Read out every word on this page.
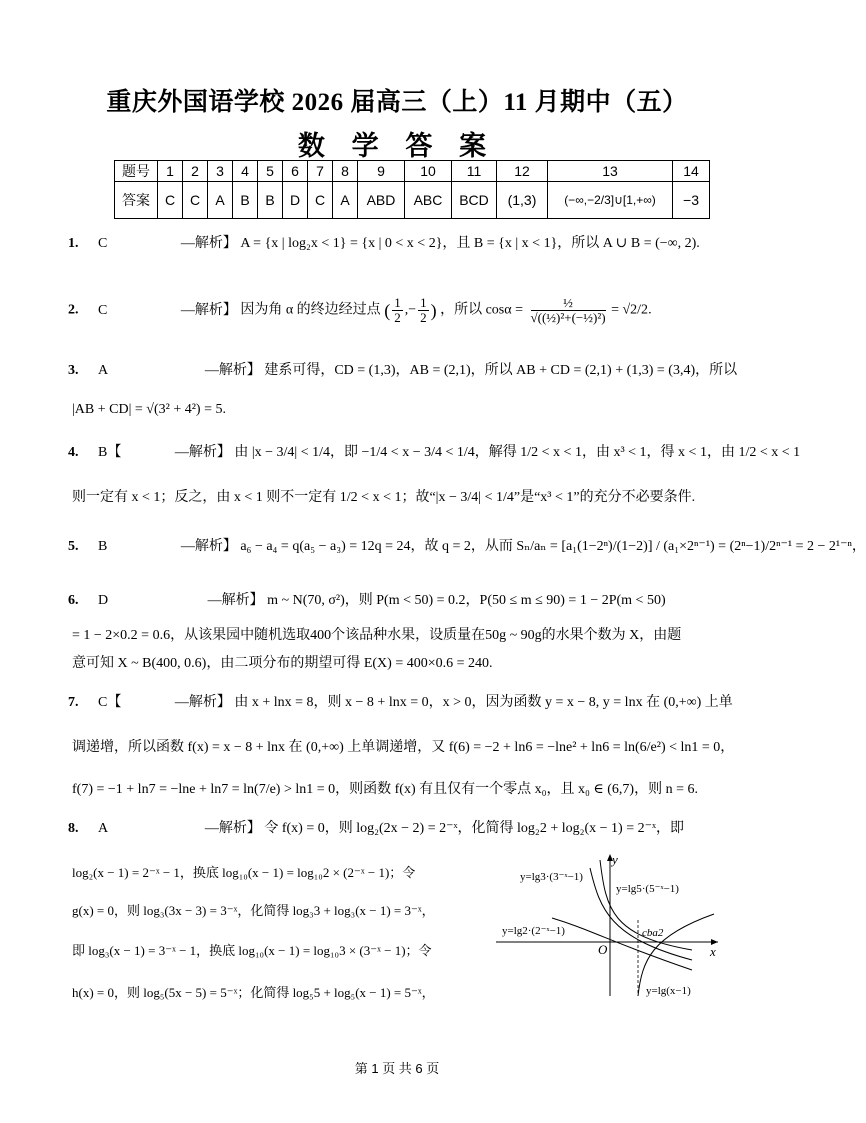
重庆外国语学校 2026 届高三（上）11 月期中（五）
数 学 答 案
题号	1	2	3	4	5	6	7	8	9	10	11	12	13	14
答案	C	C	A	B	B	D	C	A	ABD	ABC	BCD	(1,3)	(−∞,−2/3]∪[1,+∞)	−3
1. C	—解析】 A = {x | log₂x < 1} = {x | 0 < x < 2}，且 B = {x | x < 1}，所以 A ∪ B = (−∞, 2).
2. C	—解析】 因为角 α 的终边经过点 ( $\frac{1}{2}$ ,− $\frac{1}{2}$ ) ，所以 $\cos\alpha = \frac{\text{½}}{\text{√((½)²+(−½)²)}} = √2/2$.
3. A	—解析】 建系可得，CD = (1,3)，AB = (2,1)，所以 AB + CD = (2,1) + (1,3) = (3,4)，所以
|AB + CD| = √(3² + 4²) = 5.
4. B【	—解析】 由 |x − 3/4| < 1/4，即 −1/4 < x − 3/4 < 1/4，解得 1/2 < x < 1，由 x³ < 1，得 x < 1，由 1/2 < x < 1
则一定有 x < 1；反之，由 x < 1 则不一定有 1/2 < x < 1；故“|x − 3/4| < 1/4”是“x³ < 1”的充分不必要条件.
5. B	—解析】 a₆ − a₄ = q(a₅ − a₃) = 12q = 24，故 q = 2，从而 Sₙ/aₙ = [a₁(1−2ⁿ)/(1−2)] / (a₁×2ⁿ⁻¹) = (2ⁿ−1)/2ⁿ⁻¹ = 2 − 2¹⁻ⁿ，
6. D	—解析】 m ~ N(70, σ²)，则 P(m < 50) = 0.2，P(50 ≤ m ≤ 90) = 1 − 2P(m < 50)
= 1 − 2×0.2 = 0.6，从该果园中随机选取400个该品种水果，设质量在50g ~ 90g的水果个数为 X，由题
意可知 X ~ B(400, 0.6)，由二项分布的期望可得 E(X) = 400×0.6 = 240.
7. C【	—解析】 由 x + lnx = 8，则 x − 8 + lnx = 0，x > 0，因为函数 y = x − 8, y = lnx 在 (0,+∞) 上单
调递增，所以函数 f(x) = x − 8 + lnx 在 (0,+∞) 上单调递增，又 f(6) = −2 + ln6 = −lne² + ln6 = ln(6/e²) < ln1 = 0，
f(7) = −1 + ln7 = −lne + ln7 = ln(7/e) > ln1 = 0，则函数 f(x) 有且仅有一个零点 x₀，且 x₀ ∈ (6,7)，则 n = 6.
8. A	—解析】 令 f(x) = 0，则 log₂(2x − 2) = 2⁻ˣ，化简得 log₂2 + log₂(x − 1) = 2⁻ˣ，即
log₂(x − 1) = 2⁻ˣ − 1，换底 log₁₀(x − 1) = log₁₀2 × (2⁻ˣ − 1)；令
g(x) = 0，则 log₃(3x − 3) = 3⁻ˣ，化简得 log₃3 + log₃(x − 1) = 3⁻ˣ，
即 log₃(x − 1) = 3⁻ˣ − 1，换底 log₁₀(x − 1) = log₁₀3 × (3⁻ˣ − 1)；令
h(x) = 0，则 log₅(5x − 5) = 5⁻ˣ；化简得 log₅5 + log₅(x − 1) = 5⁻ˣ，
y
x
O
y=lg3·(3⁻ˣ−1)
y=lg5·(5⁻ˣ−1)
y=lg2·(2⁻ˣ−1)
y=lg(x−1)
cba2
第 1 页 共 6 页
